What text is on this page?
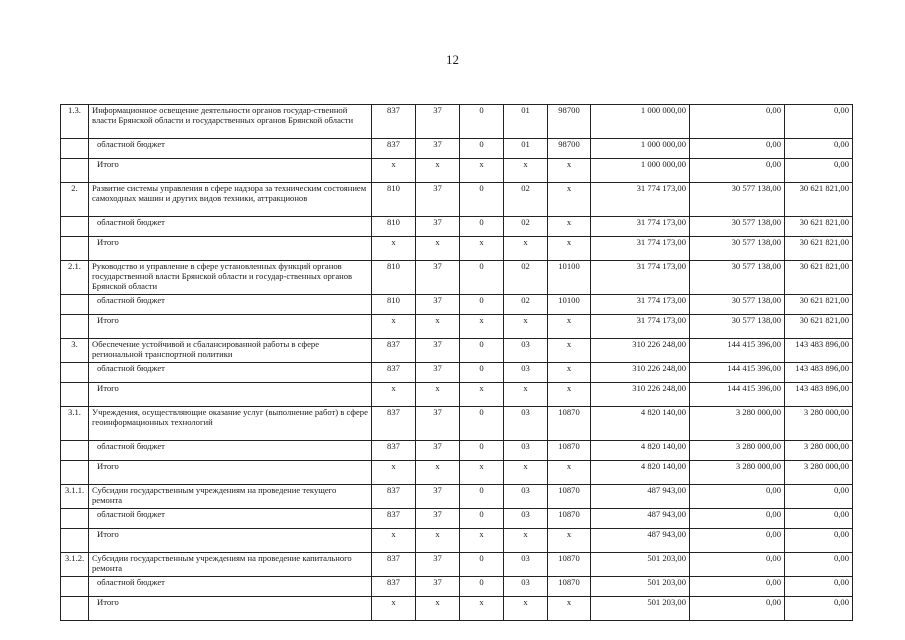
12
1.3.	Информационное освещение деятельности органов государ-ственной власти Брянской области и государственных органов Брянской области	837	37	0	01	98700	1 000 000,00	0,00	0,00
	областной бюджет	837	37	0	01	98700	1 000 000,00	0,00	0,00
	Итого	x	x	x	x	x	1 000 000,00	0,00	0,00
2.	Развитие системы управления в сфере надзора за техническим состоянием самоходных машин и других видов техники, аттракционов	810	37	0	02	x	31 774 173,00	30 577 138,00	30 621 821,00
	областной бюджет	810	37	0	02	x	31 774 173,00	30 577 138,00	30 621 821,00
	Итого	x	x	x	x	x	31 774 173,00	30 577 138,00	30 621 821,00
2.1.	Руководство и управление в сфере установленных функций органов государственной власти Брянской области и государ-ственных органов Брянской области	810	37	0	02	10100	31 774 173,00	30 577 138,00	30 621 821,00
	областной бюджет	810	37	0	02	10100	31 774 173,00	30 577 138,00	30 621 821,00
	Итого	x	x	x	x	x	31 774 173,00	30 577 138,00	30 621 821,00
3.	Обеспечение устойчивой и сбалансированной работы в сфере региональной транспортной политики	837	37	0	03	x	310 226 248,00	144 415 396,00	143 483 896,00
	областной бюджет	837	37	0	03	x	310 226 248,00	144 415 396,00	143 483 896,00
	Итого	x	x	x	x	x	310 226 248,00	144 415 396,00	143 483 896,00
3.1.	Учреждения, осуществляющие оказание услуг (выполнение работ) в сфере геоинформационных технологий	837	37	0	03	10870	4 820 140,00	3 280 000,00	3 280 000,00
	областной бюджет	837	37	0	03	10870	4 820 140,00	3 280 000,00	3 280 000,00
	Итого	x	x	x	x	x	4 820 140,00	3 280 000,00	3 280 000,00
3.1.1.	Субсидии государственным учреждениям на проведение текущего ремонта	837	37	0	03	10870	487 943,00	0,00	0,00
	областной бюджет	837	37	0	03	10870	487 943,00	0,00	0,00
	Итого	x	x	x	x	x	487 943,00	0,00	0,00
3.1.2.	Субсидии государственным учреждениям на проведение капитального ремонта	837	37	0	03	10870	501 203,00	0,00	0,00
	областной бюджет	837	37	0	03	10870	501 203,00	0,00	0,00
	Итого	x	x	x	x	x	501 203,00	0,00	0,00
